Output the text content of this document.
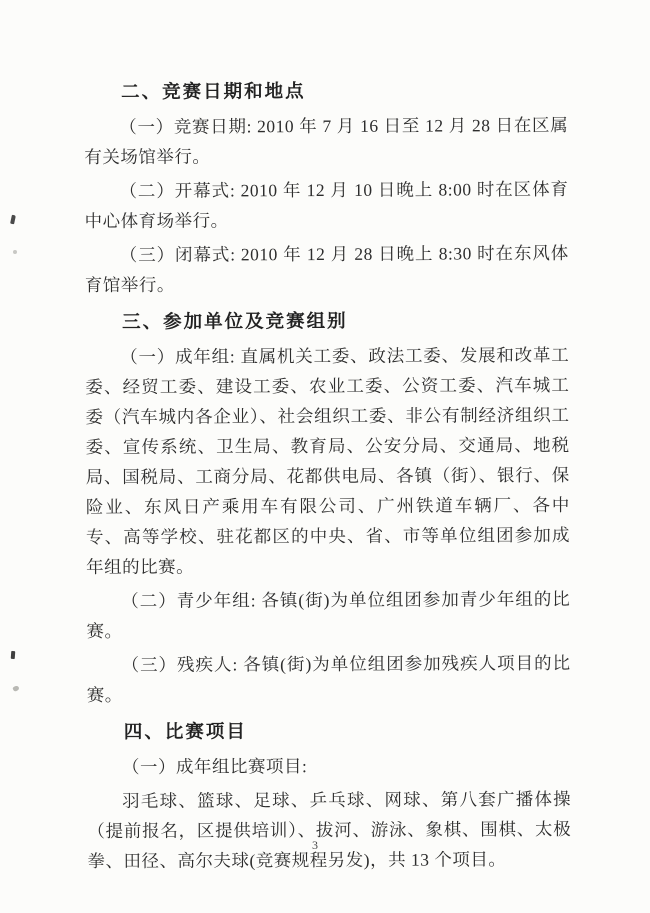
二、竞赛日期和地点

（一）竞赛日期: 2010 年 7 月 16 日至 12 月 28 日在区属有关场馆举行。

（二）开幕式: 2010 年 12 月 10 日晚上 8:00 时在区体育中心体育场举行。

（三）闭幕式: 2010 年 12 月 28 日晚上 8:30 时在东风体育馆举行。

三、参加单位及竞赛组别

（一）成年组: 直属机关工委、政法工委、发展和改革工委、经贸工委、建设工委、农业工委、公资工委、汽车城工委（汽车城内各企业）、社会组织工委、非公有制经济组织工委、宣传系统、卫生局、教育局、公安分局、交通局、地税局、国税局、工商分局、花都供电局、各镇（街）、银行、保险业、东风日产乘用车有限公司、广州铁道车辆厂、各中专、高等学校、驻花都区的中央、省、市等单位组团参加成年组的比赛。

（二）青少年组: 各镇(街)为单位组团参加青少年组的比赛。

（三）残疾人: 各镇(街)为单位组团参加残疾人项目的比赛。

四、比赛项目

（一）成年组比赛项目:

羽毛球、篮球、足球、乒乓球、网球、第八套广播体操（提前报名，区提供培训）、拔河、游泳、象棋、围棋、太极拳、田径、高尔夫球(竞赛规程另发)，共 13 个项目。

3
